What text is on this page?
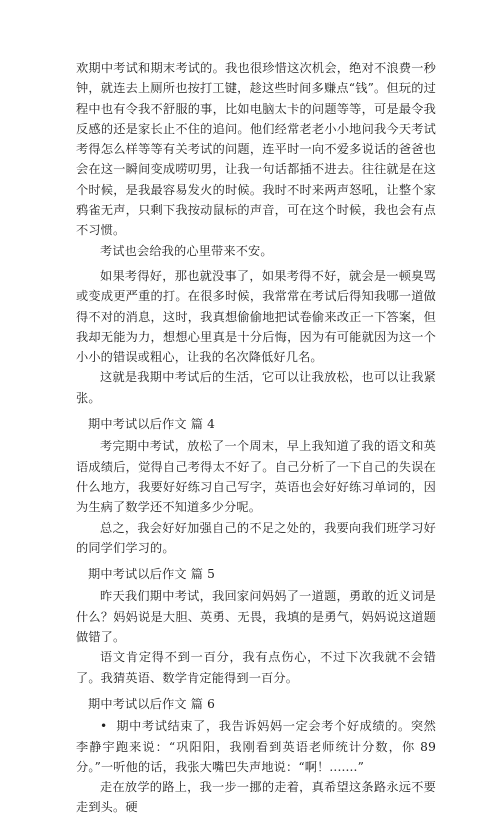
欢期中考试和期末考试的。我也很珍惜这次机会，绝对不浪费一秒钟，就连去上厕所也按打工键，趁这些时间多赚点“钱”。但玩的过程中也有令我不舒服的事，比如电脑太卡的问题等等，可是最令我反感的还是家长止不住的追问。他们经常老老小小地问我今天考试考得怎么样等等有关考试的问题，连平时一向不爱多说话的爸爸也会在这一瞬间变成唠叨男，让我一句话都插不进去。往往就是在这个时候，是我最容易发火的时候。我时不时来两声怒吼，让整个家鸦雀无声，只剩下我按动鼠标的声音，可在这个时候，我也会有点不习惯。

考试也会给我的心里带来不安。

如果考得好，那也就没事了，如果考得不好，就会是一顿臭骂或变成更严重的打。在很多时候，我常常在考试后得知我哪一道做得不对的消息，这时，我真想偷偷地把试卷偷来改正一下答案，但我却无能为力，想想心里真是十分后悔，因为有可能就因为这一个小小的错误或粗心，让我的名次降低好几名。

这就是我期中考试后的生活，它可以让我放松，也可以让我紧张。

期中考试以后作文 篇 4

考完期中考试，放松了一个周末，早上我知道了我的语文和英语成绩后，觉得自己考得太不好了。自己分析了一下自己的失误在什么地方，我要好好练习自己写字，英语也会好好练习单词的，因为生病了数学还不知道多少分呢。

总之，我会好好加强自己的不足之处的，我要向我们班学习好的同学们学习的。

期中考试以后作文 篇 5

昨天我们期中考试，我回家问妈妈了一道题，勇敢的近义词是什么？妈妈说是大胆、英勇、无畏，我填的是勇气，妈妈说这道题做错了。

语文肯定得不到一百分，我有点伤心，不过下次我就不会错了。我猜英语、数学肯定能得到一百分。

期中考试以后作文 篇 6

• 期中考试结束了，我告诉妈妈一定会考个好成绩的。突然李静宇跑来说：“巩阳阳，我刚看到英语老师统计分数，你 89 分。”一听他的话，我张大嘴巴失声地说：“啊！.......”

走在放学的路上，我一步一挪的走着，真希望这条路永远不要走到头。硬
